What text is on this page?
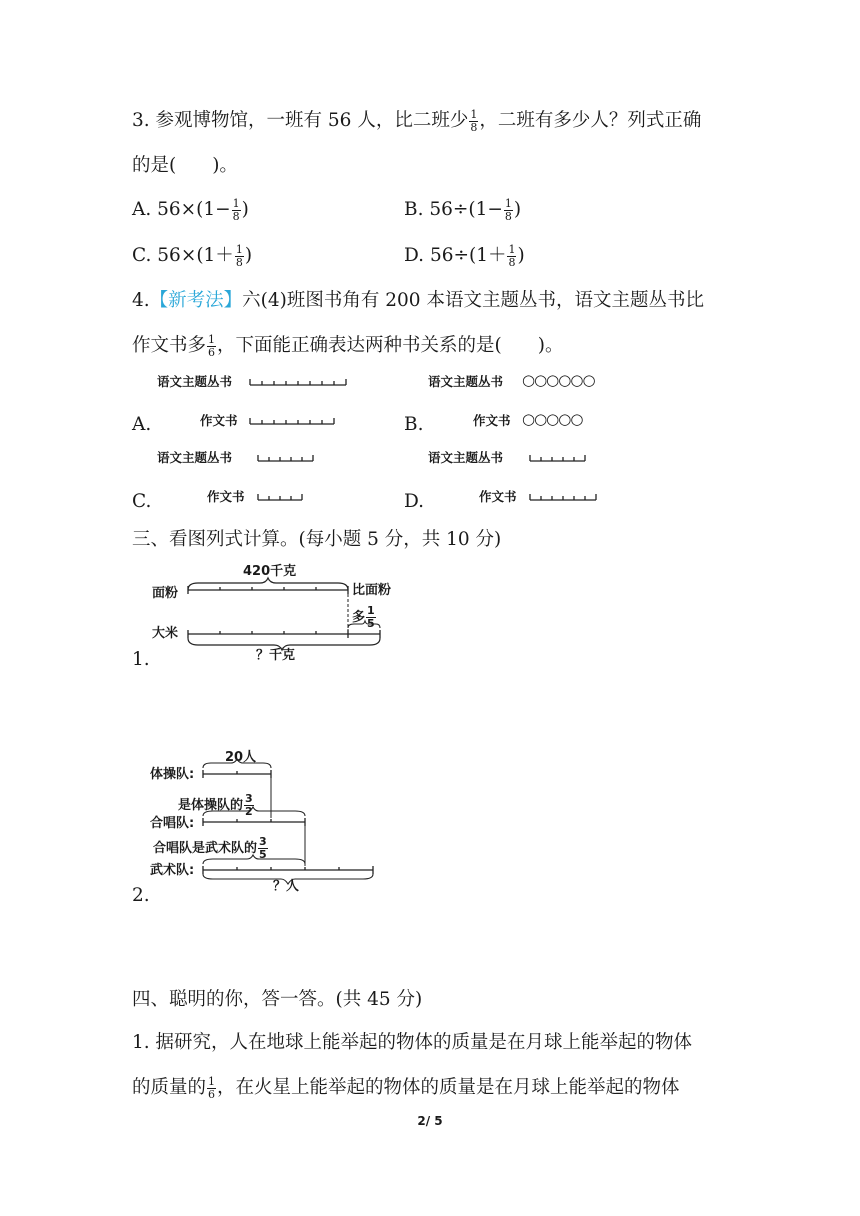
3. 参观博物馆，一班有 56 人，比二班少 $\frac{1}{8}$ ，二班有多少人？列式正确
的是( )。
A. $56\times(1- \frac{1}{8}$ )	B. $56\div(1- \frac{1}{8}$ )
C. $56\times(1+ \frac{1}{8}$ )	D. $56\div(1+ \frac{1}{8}$ )
4.【新考法】六(4)班图书角有 200 本语文主题丛书，语文主题丛书比
作文书多 $\frac{1}{6}$ ，下面能正确表达两种书关系的是( )。
语文主题丛书
A.	作文书
语文主题丛书 ○○○○○○
B.	作文书 ○○○○○
语文主题丛书
C.	作文书
语文主题丛书
D.	作文书
三、看图列式计算。(每小题 5 分，共 10 分)
面粉
420千克
比面粉
多 $\frac{1}{5}$
大米
1.	？千克
体操队:
20人
是体操队的 $\frac{3}{2}$
合唱队:
合唱队是武术队的 $\frac{3}{5}$
武术队:
2.	？人
四、聪明的你，答一答。(共 45 分)
1. 据研究，人在地球上能举起的物体的质量是在月球上能举起的物体
的质量的 $\frac{1}{6}$ ，在火星上能举起的物体的质量是在月球上能举起的物体
2/ 5
